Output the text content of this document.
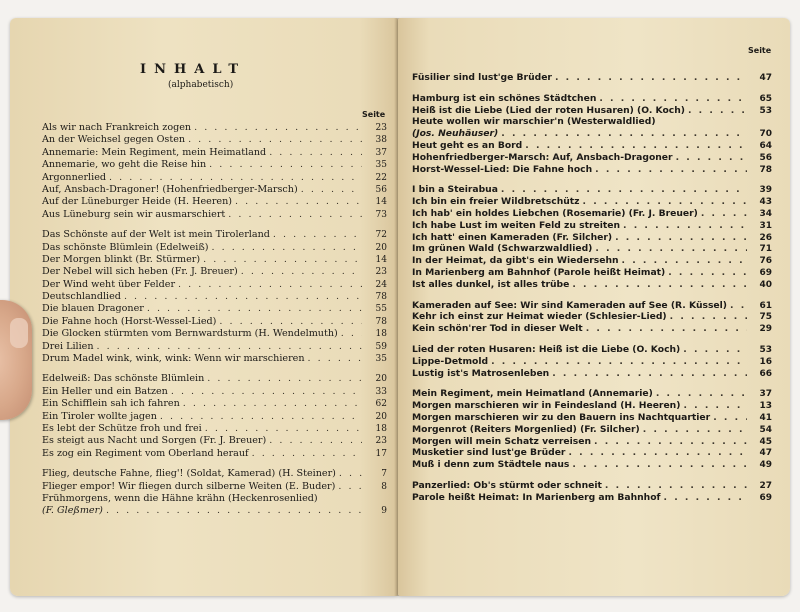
INHALT
(alphabetisch)
Seite
Als wir nach Frankreich zogen . . .	23
An der Weichsel gegen Osten . . .	38
Annemarie: Mein Regiment, mein Heimatland . . .	37
Annemarie, wo geht die Reise hin . . .	35
Argonnerlied . . .	22
Auf, Ansbach-Dragoner! (Hohenfriedberger-Marsch) . . .	56
Auf der Lüneburger Heide (H. Heeren) . . .	14
Aus Lüneburg sein wir ausmarschiert . . .	73
Das Schönste auf der Welt ist mein Tirolerland . . .	72
Das schönste Blümlein (Edelweiß) . . .	20
Der Morgen blinkt (Br. Stürmer) . . .	14
Der Nebel will sich heben (Fr. J. Breuer) . . .	23
Der Wind weht über Felder . . .	24
Deutschlandlied . . .	78
Die blauen Dragoner . . .	55
Die Fahne hoch (Horst-Wessel-Lied) . . .	78
Die Glocken stürmten vom Bernwardsturm (H. Wendelmuth) . . .	18
Drei Lilien . . .	59
Drum Madel wink, wink, wink: Wenn wir marschieren . . .	35
Edelweiß: Das schönste Blümlein . . .	20
Ein Heller und ein Batzen . . .	33
Ein Schifflein sah ich fahren . . .	62
Ein Tiroler wollte jagen . . .	20
Es lebt der Schütze froh und frei . . .	18
Es steigt aus Nacht und Sorgen (Fr. J. Breuer) . . .	23
Es zog ein Regiment vom Oberland herauf . . .	17
Flieg, deutsche Fahne, flieg'! (Soldat, Kamerad) (H. Steiner) . . .	7
Flieger empor! Wir fliegen durch silberne Weiten (E. Buder) . . .	8
Frühmorgens, wenn die Hähne krähn (Heckenrosenlied)
(F. Gleßmer) . . .	9
Seite
Füsilier sind lust'ge Brüder . . .	47
Hamburg ist ein schönes Städtchen . . .	65
Heiß ist die Liebe (Lied der roten Husaren) (O. Koch) . . .	53
Heute wollen wir marschier'n (Westerwaldlied)
(Jos. Neuhäuser) . . .	70
Heut geht es an Bord . . .	64
Hohenfriedberger-Marsch: Auf, Ansbach-Dragoner . . .	56
Horst-Wessel-Lied: Die Fahne hoch . . .	78
I bin a Steirabua . . .	39
Ich bin ein freier Wildbretschütz . . .	43
Ich hab' ein holdes Liebchen (Rosemarie) (Fr. J. Breuer) . . .	34
Ich habe Lust im weiten Feld zu streiten . . .	31
Ich hatt' einen Kameraden (Fr. Silcher) . . .	26
Im grünen Wald (Schwarzwaldlied) . . .	71
In der Heimat, da gibt's ein Wiedersehn . . .	76
In Marienberg am Bahnhof (Parole heißt Heimat) . . .	69
Ist alles dunkel, ist alles trübe . . .	40
Kameraden auf See: Wir sind Kameraden auf See (R. Küssel) . . .	61
Kehr ich einst zur Heimat wieder (Schlesier-Lied) . . .	75
Kein schön'rer Tod in dieser Welt . . .	29
Lied der roten Husaren: Heiß ist die Liebe (O. Koch) . . .	53
Lippe-Detmold . . .	16
Lustig ist's Matrosenleben . . .	66
Mein Regiment, mein Heimatland (Annemarie) . . .	37
Morgen marschieren wir in Feindesland (H. Heeren) . . .	13
Morgen marschieren wir zu den Bauern ins Nachtquartier . . .	41
Morgenrot (Reiters Morgenlied) (Fr. Silcher) . . .	54
Morgen will mein Schatz verreisen . . .	45
Musketier sind lust'ge Brüder . . .	47
Muß i denn zum Städtele naus . . .	49
Panzerlied: Ob's stürmt oder schneit . . .	27
Parole heißt Heimat: In Marienberg am Bahnhof . . .	69
